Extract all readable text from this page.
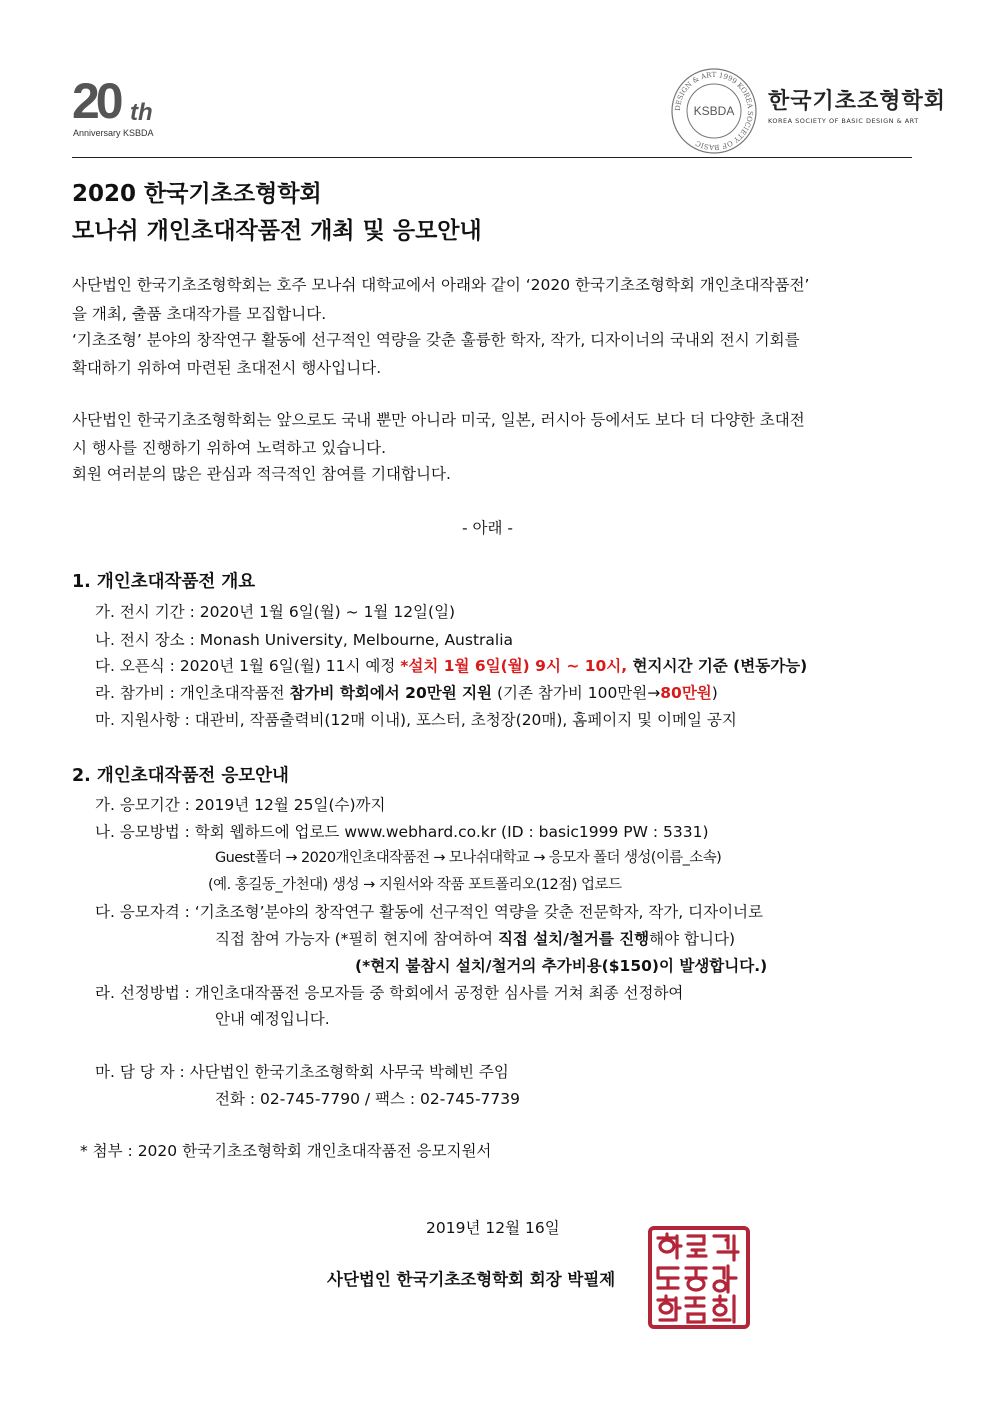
20 th
Anniversary KSBDA
DESIGN & ART 1999 KOREA SOCIETY OF BASIC
KSBDA 한국기초조형학회
KOREA SOCIETY OF BASIC DESIGN & ART
2020 한국기초조형학회
모나쉬 개인초대작품전 개최 및 응모안내
사단법인 한국기초조형학회는 호주 모나쉬 대학교에서 아래와 같이 ‘2020 한국기초조형학회 개인초대작품전’
을 개최, 출품 초대작가를 모집합니다.
‘기초조형’ 분야의 창작연구 활동에 선구적인 역량을 갖춘 훌륭한 학자, 작가, 디자이너의 국내외 전시 기회를
확대하기 위하여 마련된 초대전시 행사입니다.
사단법인 한국기초조형학회는 앞으로도 국내 뿐만 아니라 미국, 일본, 러시아 등에서도 보다 더 다양한 초대전
시 행사를 진행하기 위하여 노력하고 있습니다.
회원 여러분의 많은 관심과 적극적인 참여를 기대합니다.
- 아래 -
1. 개인초대작품전 개요
가. 전시 기간 : 2020년 1월 6일(월) ~ 1월 12일(일)
나. 전시 장소 : Monash University, Melbourne, Australia
다. 오픈식 : 2020년 1월 6일(월) 11시 예정 *설치 1월 6일(월) 9시 ~ 10시, 현지시간 기준 (변동가능)
라. 참가비 : 개인초대작품전 참가비 학회에서 20만원 지원 (기존 참가비 100만원→80만원)
마. 지원사항 : 대관비, 작품출력비(12매 이내), 포스터, 초청장(20매), 홈페이지 및 이메일 공지
2. 개인초대작품전 응모안내
가. 응모기간 : 2019년 12월 25일(수)까지
나. 응모방법 : 학회 웹하드에 업로드 www.webhard.co.kr (ID : basic1999 PW : 5331)
Guest폴더 → 2020개인초대작품전 → 모나쉬대학교 → 응모자 폴더 생성(이름_소속)
(예. 홍길동_가천대) 생성 → 지원서와 작품 포트폴리오(12점) 업로드
다. 응모자격 : ‘기초조형’분야의 창작연구 활동에 선구적인 역량을 갖춘 전문학자, 작가, 디자이너로
직접 참여 가능자 (*필히 현지에 참여하여 직접 설치/철거를 진행해야 합니다)
(*현지 불참시 설치/철거의 추가비용($150)이 발생합니다.)
라. 선정방법 : 개인초대작품전 응모자들 중 학회에서 공정한 심사를 거쳐 최종 선정하여
안내 예정입니다.
마. 담 당 자 : 사단법인 한국기초조형학회 사무국 박혜빈 주임
전화 : 02-745-7790 / 팩스 : 02-745-7739
* 첨부 : 2020 한국기초조형학회 개인초대작품전 응모지원서
2019년 12월 16일
사단법인 한국기초조형학회 회장 박필제
